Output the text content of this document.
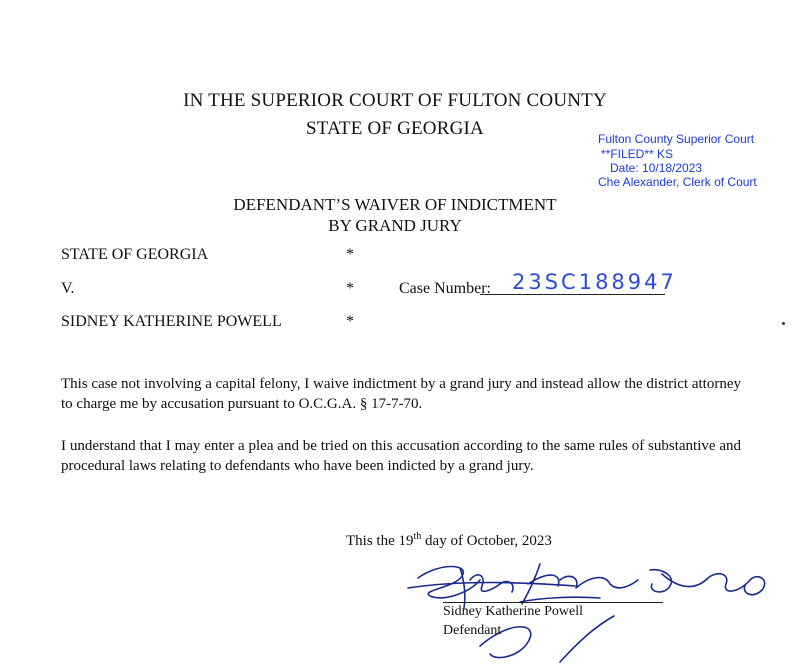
IN THE SUPERIOR COURT OF FULTON COUNTY
STATE OF GEORGIA	Fulton County Superior Court
**FILED** KS
Date: 10/18/2023
Che Alexander, Clerk of Court
DEFENDANT’S WAIVER OF INDICTMENT
BY GRAND JURY
STATE OF GEORGIA	*
V.	*	Case Number: 23SC188947
SIDNEY KATHERINE POWELL	*
This case not involving a capital felony, I waive indictment by a grand jury and instead allow the district attorney to charge me by accusation pursuant to O.C.G.A. § 17-7-70.
I understand that I may enter a plea and be tried on this accusation according to the same rules of substantive and procedural laws relating to defendants who have been indicted by a grand jury.
This the 19th day of October, 2023
Sidney Katherine Powell
Defendant
